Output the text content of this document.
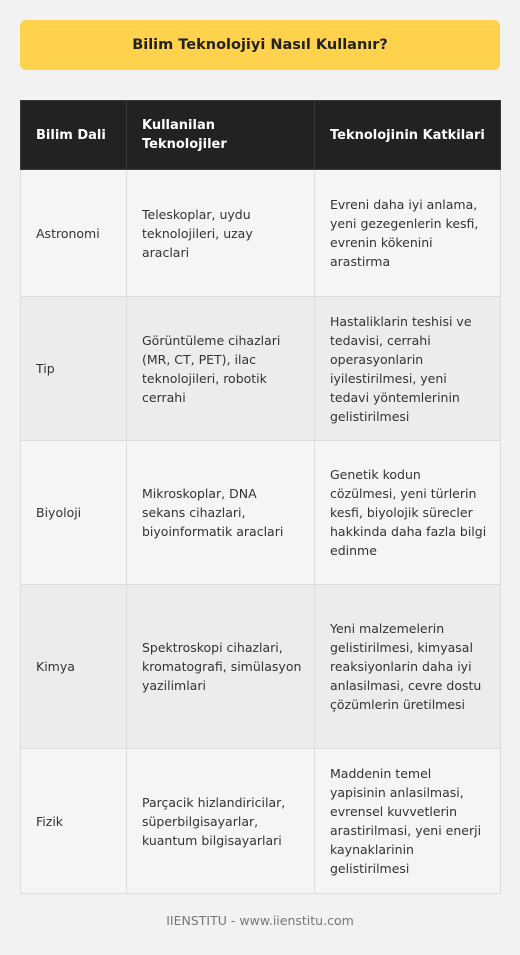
Bilim Teknolojiyi Nasıl Kullanır?
Bilim Dali	Kullanilan Teknolojiler	Teknolojinin Katkilari
Astronomi	Teleskoplar, uydu teknolojileri, uzay araclari	Evreni daha iyi anlama, yeni gezegenlerin kesfi, evrenin kökenini arastirma
Tip	Görüntüleme cihazlari (MR, CT, PET), ilac teknolojileri, robotik cerrahi	Hastaliklarin teshisi ve tedavisi, cerrahi operasyonlarin iyilestirilmesi, yeni tedavi yöntemlerinin gelistirilmesi
Biyoloji	Mikroskoplar, DNA sekans cihazlari, biyoinformatik araclari	Genetik kodun cözülmesi, yeni türlerin kesfi, biyolojik sürecler hakkinda daha fazla bilgi edinme
Kimya	Spektroskopi cihazlari, kromatografi, simülasyon yazilimlari	Yeni malzemelerin gelistirilmesi, kimyasal reaksiyonlarin daha iyi anlasilmasi, cevre dostu çözümlerin üretilmesi
Fizik	Parçacik hizlandiricilar, süperbilgisayarlar, kuantum bilgisayarlari	Maddenin temel yapisinin anlasilmasi, evrensel kuvvetlerin arastirilmasi, yeni enerji kaynaklarinin gelistirilmesi
IIENSTITU - www.iienstitu.com
